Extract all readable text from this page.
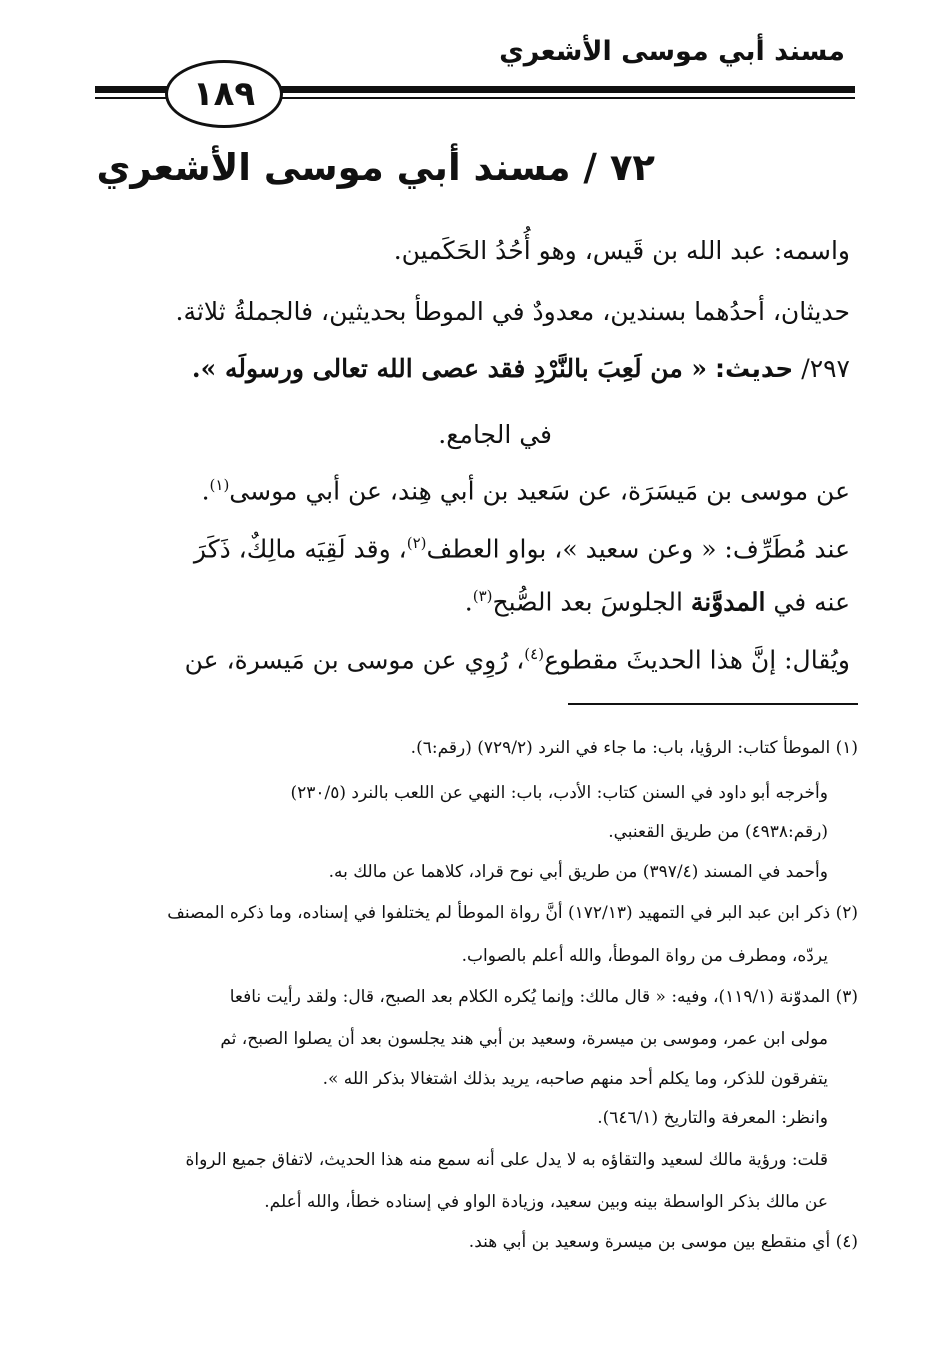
مسند أبي موسى الأشعري
١٨٩
٧٢ / مسند أبي موسى الأشعري
واسمه: عبد الله بن قَيس، وهو أُحُدُ الحَكَمين.
حديثان، أحدُهما بسندين، معدودٌ في الموطأ بحديثين، فالجملةُ ثلاثة.
٢٩٧/ حديث: « من لَعِبَ بالنَّرْدِ فقد عصى الله تعالى ورسولَه ».
في الجامع.
عن موسى بن مَيسَرَة، عن سَعيد بن أبي هِند، عن أبي موسى$^{(١)}$.
عند مُطَرِّف: « وعن سعيد »، بواو العطف$^{(٢)}$، وقد لَقِيَه مالِكٌ، ذَكَرَ
عنه في المدوَّنة الجلوسَ بعد الصُّبح$^{(٣)}$.
ويُقال: إنَّ هذا الحديثَ مقطوع$^{(٤)}$، رُوِي عن موسى بن مَيسرة، عن
(١) الموطأ كتاب: الرؤيا، باب: ما جاء في النرد (٧٢٩/٢) (رقم:٦).
وأخرجه أبو داود في السنن كتاب: الأدب، باب: النهي عن اللعب بالنرد (٢٣٠/٥)
(رقم:٤٩٣٨) من طريق القعنبي.
وأحمد في المسند (٣٩٧/٤) من طريق أبي نوح قراد، كلاهما عن مالك به.
(٢) ذكر ابن عبد البر في التمهيد (١٧٢/١٣) أنَّ رواة الموطأ لم يختلفوا في إسناده، وما ذكره المصنف
يردّه، ومطرف من رواة الموطأ، والله أعلم بالصواب.
(٣) المدوّنة (١١٩/١)، وفيه: « قال مالك: وإنما يُكره الكلام بعد الصبح، قال: ولقد رأيت نافعا
مولى ابن عمر، وموسى بن ميسرة، وسعيد بن أبي هند يجلسون بعد أن يصلوا الصبح، ثم
يتفرقون للذكر، وما يكلم أحد منهم صاحبه، يريد بذلك اشتغالا بذكر الله ».
وانظر: المعرفة والتاريخ (٦٤٦/١).
قلت: ورؤية مالك لسعيد والتقاؤه به لا يدل على أنه سمع منه هذا الحديث، لاتفاق جميع الرواة
عن مالك بذكر الواسطة بينه وبين سعيد، وزيادة الواو في إسناده خطأ، والله أعلم.
(٤) أي منقطع بين موسى بن ميسرة وسعيد بن أبي هند.
